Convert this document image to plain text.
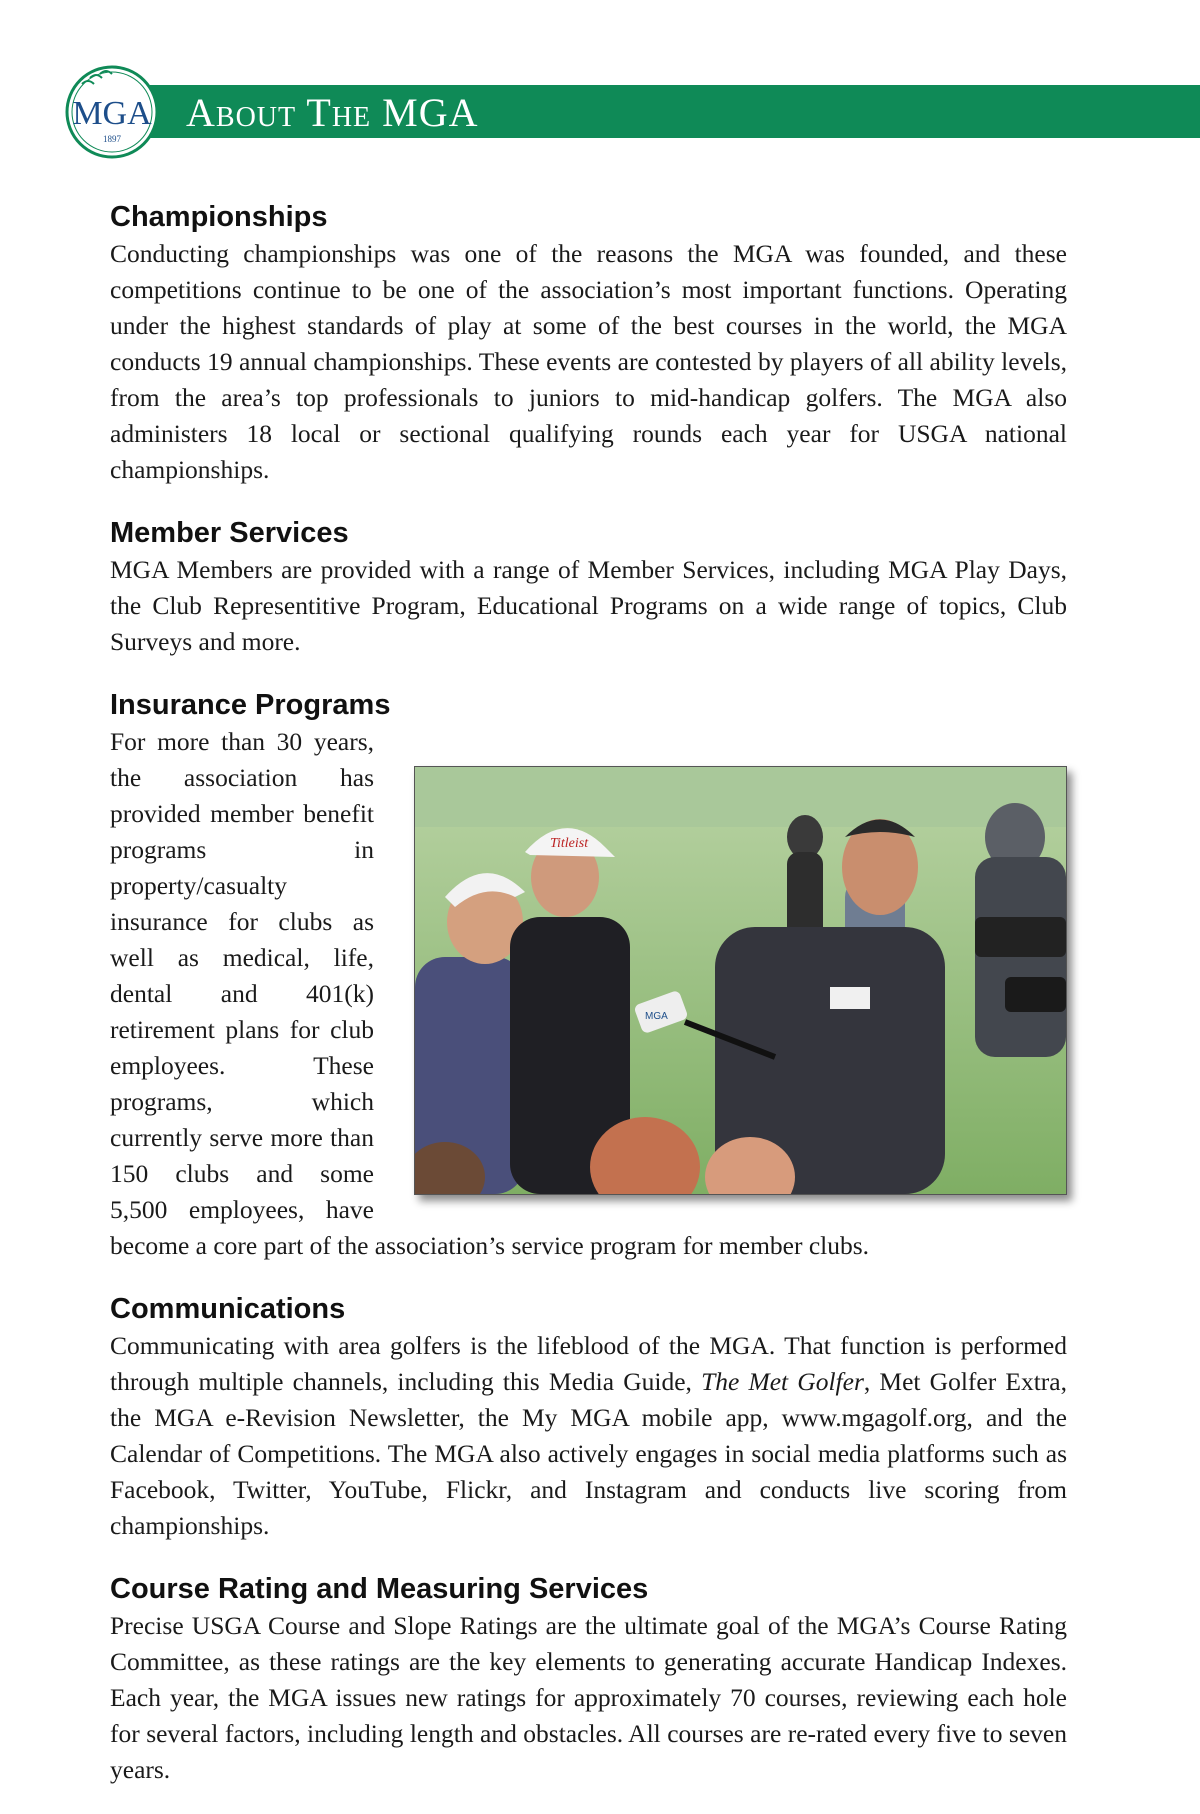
About The MGA
MGA
1897
Championships

Conducting championships was one of the reasons the MGA was founded, and these competitions continue to be one of the association’s most important functions. Operating under the highest standards of play at some of the best courses in the world, the MGA conducts 19 annual championships. These events are contested by players of all ability levels, from the area’s top professionals to juniors to mid-handicap golfers. The MGA also administers 18 local or sectional qualifying rounds each year for USGA national championships.

Member Services

MGA Members are provided with a range of Member Services, including MGA Play Days, the Club Representitive Program, Educational Programs on a wide range of topics, Club Surveys and more.

Insurance Programs
Titleist
MGA

For more than 30 years, the association has provided member benefit programs in property/casualty insurance for clubs as well as medical, life, dental and 401(k) retirement plans for club employees. These programs, which currently serve more than 150 clubs and some 5,500 employees, have become a core part of the association’s service program for member clubs.

Communications

Communicating with area golfers is the lifeblood of the MGA. That function is performed through multiple channels, including this Media Guide, The Met Golfer, Met Golfer Extra, the MGA e-Revision Newsletter, the My MGA mobile app, www.mgagolf.org, and the Calendar of Competitions. The MGA also actively engages in social media platforms such as Facebook, Twitter, YouTube, Flickr, and Instagram and conducts live scoring from championships.

Course Rating and Measuring Services

Precise USGA Course and Slope Ratings are the ultimate goal of the MGA’s Course Rating Committee, as these ratings are the key elements to generating accurate Handicap Indexes. Each year, the MGA issues new ratings for approximately 70 courses, reviewing each hole for several factors, including length and obstacles. All courses are re-rated every five to seven years.
